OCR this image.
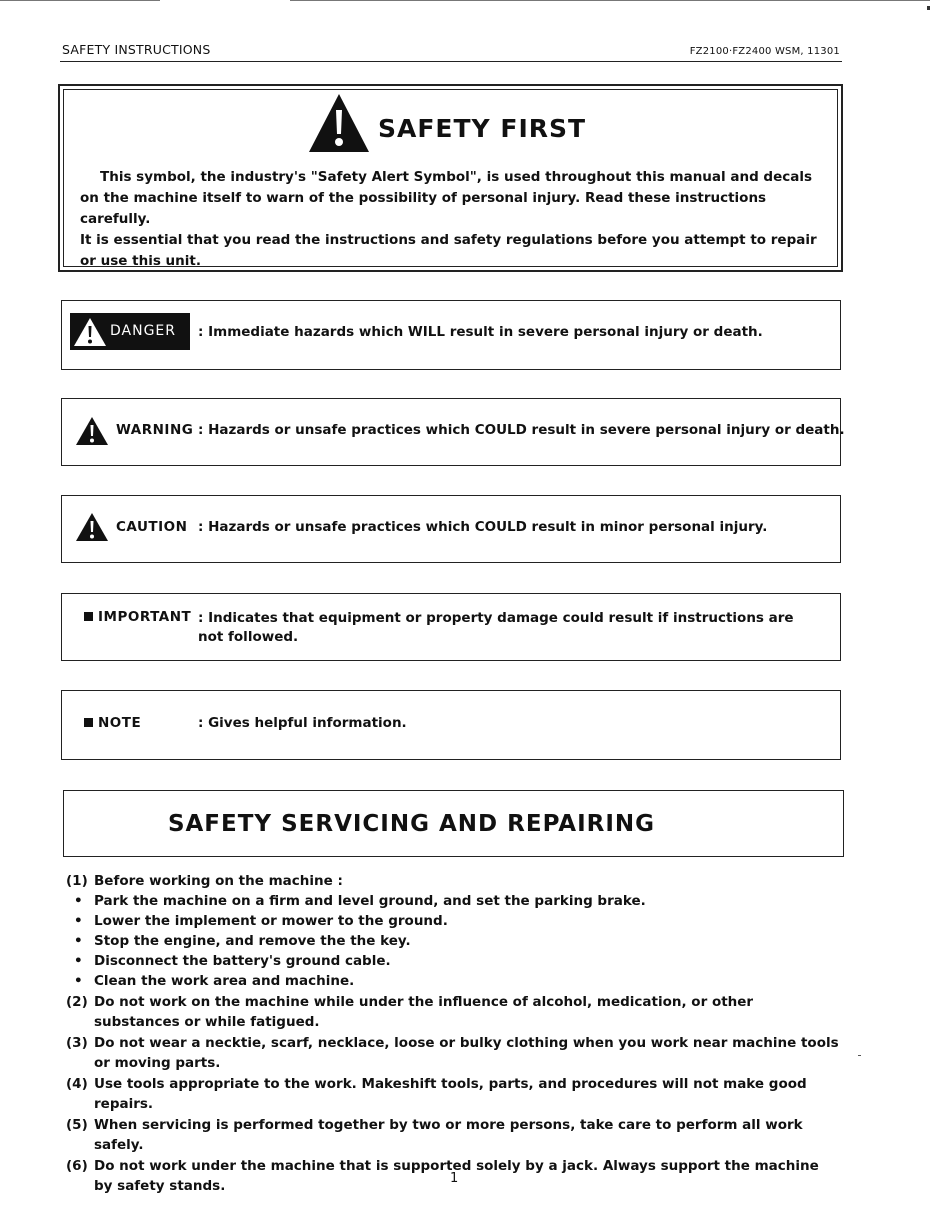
SAFETY INSTRUCTIONS	FZ2100·FZ2400 WSM, 11301
SAFETY FIRST

This symbol, the industry's "Safety Alert Symbol", is used throughout this manual and decals on the machine itself to warn of the possibility of personal injury. Read these instructions carefully.

It is essential that you read the instructions and safety regulations before you attempt to repair or use this unit.

DANGER : Immediate hazards which WILL result in severe personal injury or death.
WARNING : Hazards or unsafe practices which COULD result in severe personal injury or death.
CAUTION : Hazards or unsafe practices which COULD result in minor personal injury.
IMPORTANT : Indicates that equipment or property damage could result if instructions are not followed.
NOTE	: Gives helpful information.
SAFETY SERVICING AND REPAIRING
(1) Before working on the machine :
• Park the machine on a firm and level ground, and set the parking brake.
• Lower the implement or mower to the ground.
• Stop the engine, and remove the the key.
• Disconnect the battery's ground cable.
• Clean the work area and machine.
(2) Do not work on the machine while under the influence of alcohol, medication, or other substances or while fatigued.
(3) Do not wear a necktie, scarf, necklace, loose or bulky clothing when you work near machine tools or moving parts.
(4) Use tools appropriate to the work. Makeshift tools, parts, and procedures will not make good repairs.
(5) When servicing is performed together by two or more persons, take care to perform all work safely.
(6) Do not work under the machine that is supported solely by a jack. Always support the machine by safety stands.	1
